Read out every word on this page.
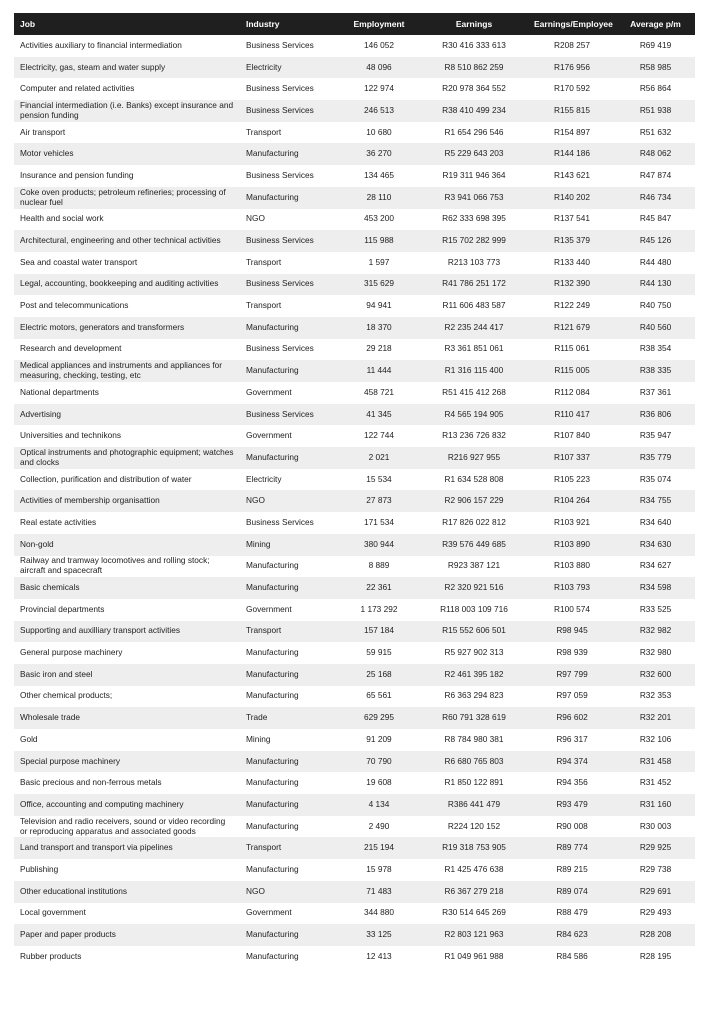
Job	Industry	Employment	Earnings	Earnings/Employee	Average p/m
Activities auxiliary to financial intermediation	Business Services	146 052	R30 416 333 613	R208 257	R69 419
Electricity, gas, steam and water supply	Electricity	48 096	R8 510 862 259	R176 956	R58 985
Computer and related activities	Business Services	122 974	R20 978 364 552	R170 592	R56 864
Financial intermediation (i.e. Banks) except insurance and pension funding	Business Services	246 513	R38 410 499 234	R155 815	R51 938
Air transport	Transport	10 680	R1 654 296 546	R154 897	R51 632
Motor vehicles	Manufacturing	36 270	R5 229 643 203	R144 186	R48 062
Insurance and pension funding	Business Services	134 465	R19 311 946 364	R143 621	R47 874
Coke oven products; petroleum refineries; processing of nuclear fuel	Manufacturing	28 110	R3 941 066 753	R140 202	R46 734
Health and social work	NGO	453 200	R62 333 698 395	R137 541	R45 847
Architectural, engineering and other technical activities	Business Services	115 988	R15 702 282 999	R135 379	R45 126
Sea and coastal water transport	Transport	1 597	R213 103 773	R133 440	R44 480
Legal, accounting, bookkeeping and auditing activities	Business Services	315 629	R41 786 251 172	R132 390	R44 130
Post and telecommunications	Transport	94 941	R11 606 483 587	R122 249	R40 750
Electric motors, generators and transformers	Manufacturing	18 370	R2 235 244 417	R121 679	R40 560
Research and development	Business Services	29 218	R3 361 851 061	R115 061	R38 354
Medical appliances and instruments and appliances for measuring, checking, testing, etc	Manufacturing	11 444	R1 316 115 400	R115 005	R38 335
National departments	Government	458 721	R51 415 412 268	R112 084	R37 361
Advertising	Business Services	41 345	R4 565 194 905	R110 417	R36 806
Universities and technikons	Government	122 744	R13 236 726 832	R107 840	R35 947
Optical instruments and photographic equipment; watches and clocks	Manufacturing	2 021	R216 927 955	R107 337	R35 779
Collection, purification and distribution of water	Electricity	15 534	R1 634 528 808	R105 223	R35 074
Activities of membership organisattion	NGO	27 873	R2 906 157 229	R104 264	R34 755
Real estate activities	Business Services	171 534	R17 826 022 812	R103 921	R34 640
Non-gold	Mining	380 944	R39 576 449 685	R103 890	R34 630
Railway and tramway locomotives and rolling stock; aircraft and spacecraft	Manufacturing	8 889	R923 387 121	R103 880	R34 627
Basic chemicals	Manufacturing	22 361	R2 320 921 516	R103 793	R34 598
Provincial departments	Government	1 173 292	R118 003 109 716	R100 574	R33 525
Supporting and auxilliary transport activities	Transport	157 184	R15 552 606 501	R98 945	R32 982
General purpose machinery	Manufacturing	59 915	R5 927 902 313	R98 939	R32 980
Basic iron and steel	Manufacturing	25 168	R2 461 395 182	R97 799	R32 600
Other chemical products;	Manufacturing	65 561	R6 363 294 823	R97 059	R32 353
Wholesale trade	Trade	629 295	R60 791 328 619	R96 602	R32 201
Gold	Mining	91 209	R8 784 980 381	R96 317	R32 106
Special purpose machinery	Manufacturing	70 790	R6 680 765 803	R94 374	R31 458
Basic precious and non-ferrous metals	Manufacturing	19 608	R1 850 122 891	R94 356	R31 452
Office, accounting and computing machinery	Manufacturing	4 134	R386 441 479	R93 479	R31 160
Television and radio receivers, sound or video recording or reproducing apparatus and associated goods	Manufacturing	2 490	R224 120 152	R90 008	R30 003
Land transport and transport via pipelines	Transport	215 194	R19 318 753 905	R89 774	R29 925
Publishing	Manufacturing	15 978	R1 425 476 638	R89 215	R29 738
Other educational institutions	NGO	71 483	R6 367 279 218	R89 074	R29 691
Local government	Government	344 880	R30 514 645 269	R88 479	R29 493
Paper and paper products	Manufacturing	33 125	R2 803 121 963	R84 623	R28 208
Rubber products	Manufacturing	12 413	R1 049 961 988	R84 586	R28 195
